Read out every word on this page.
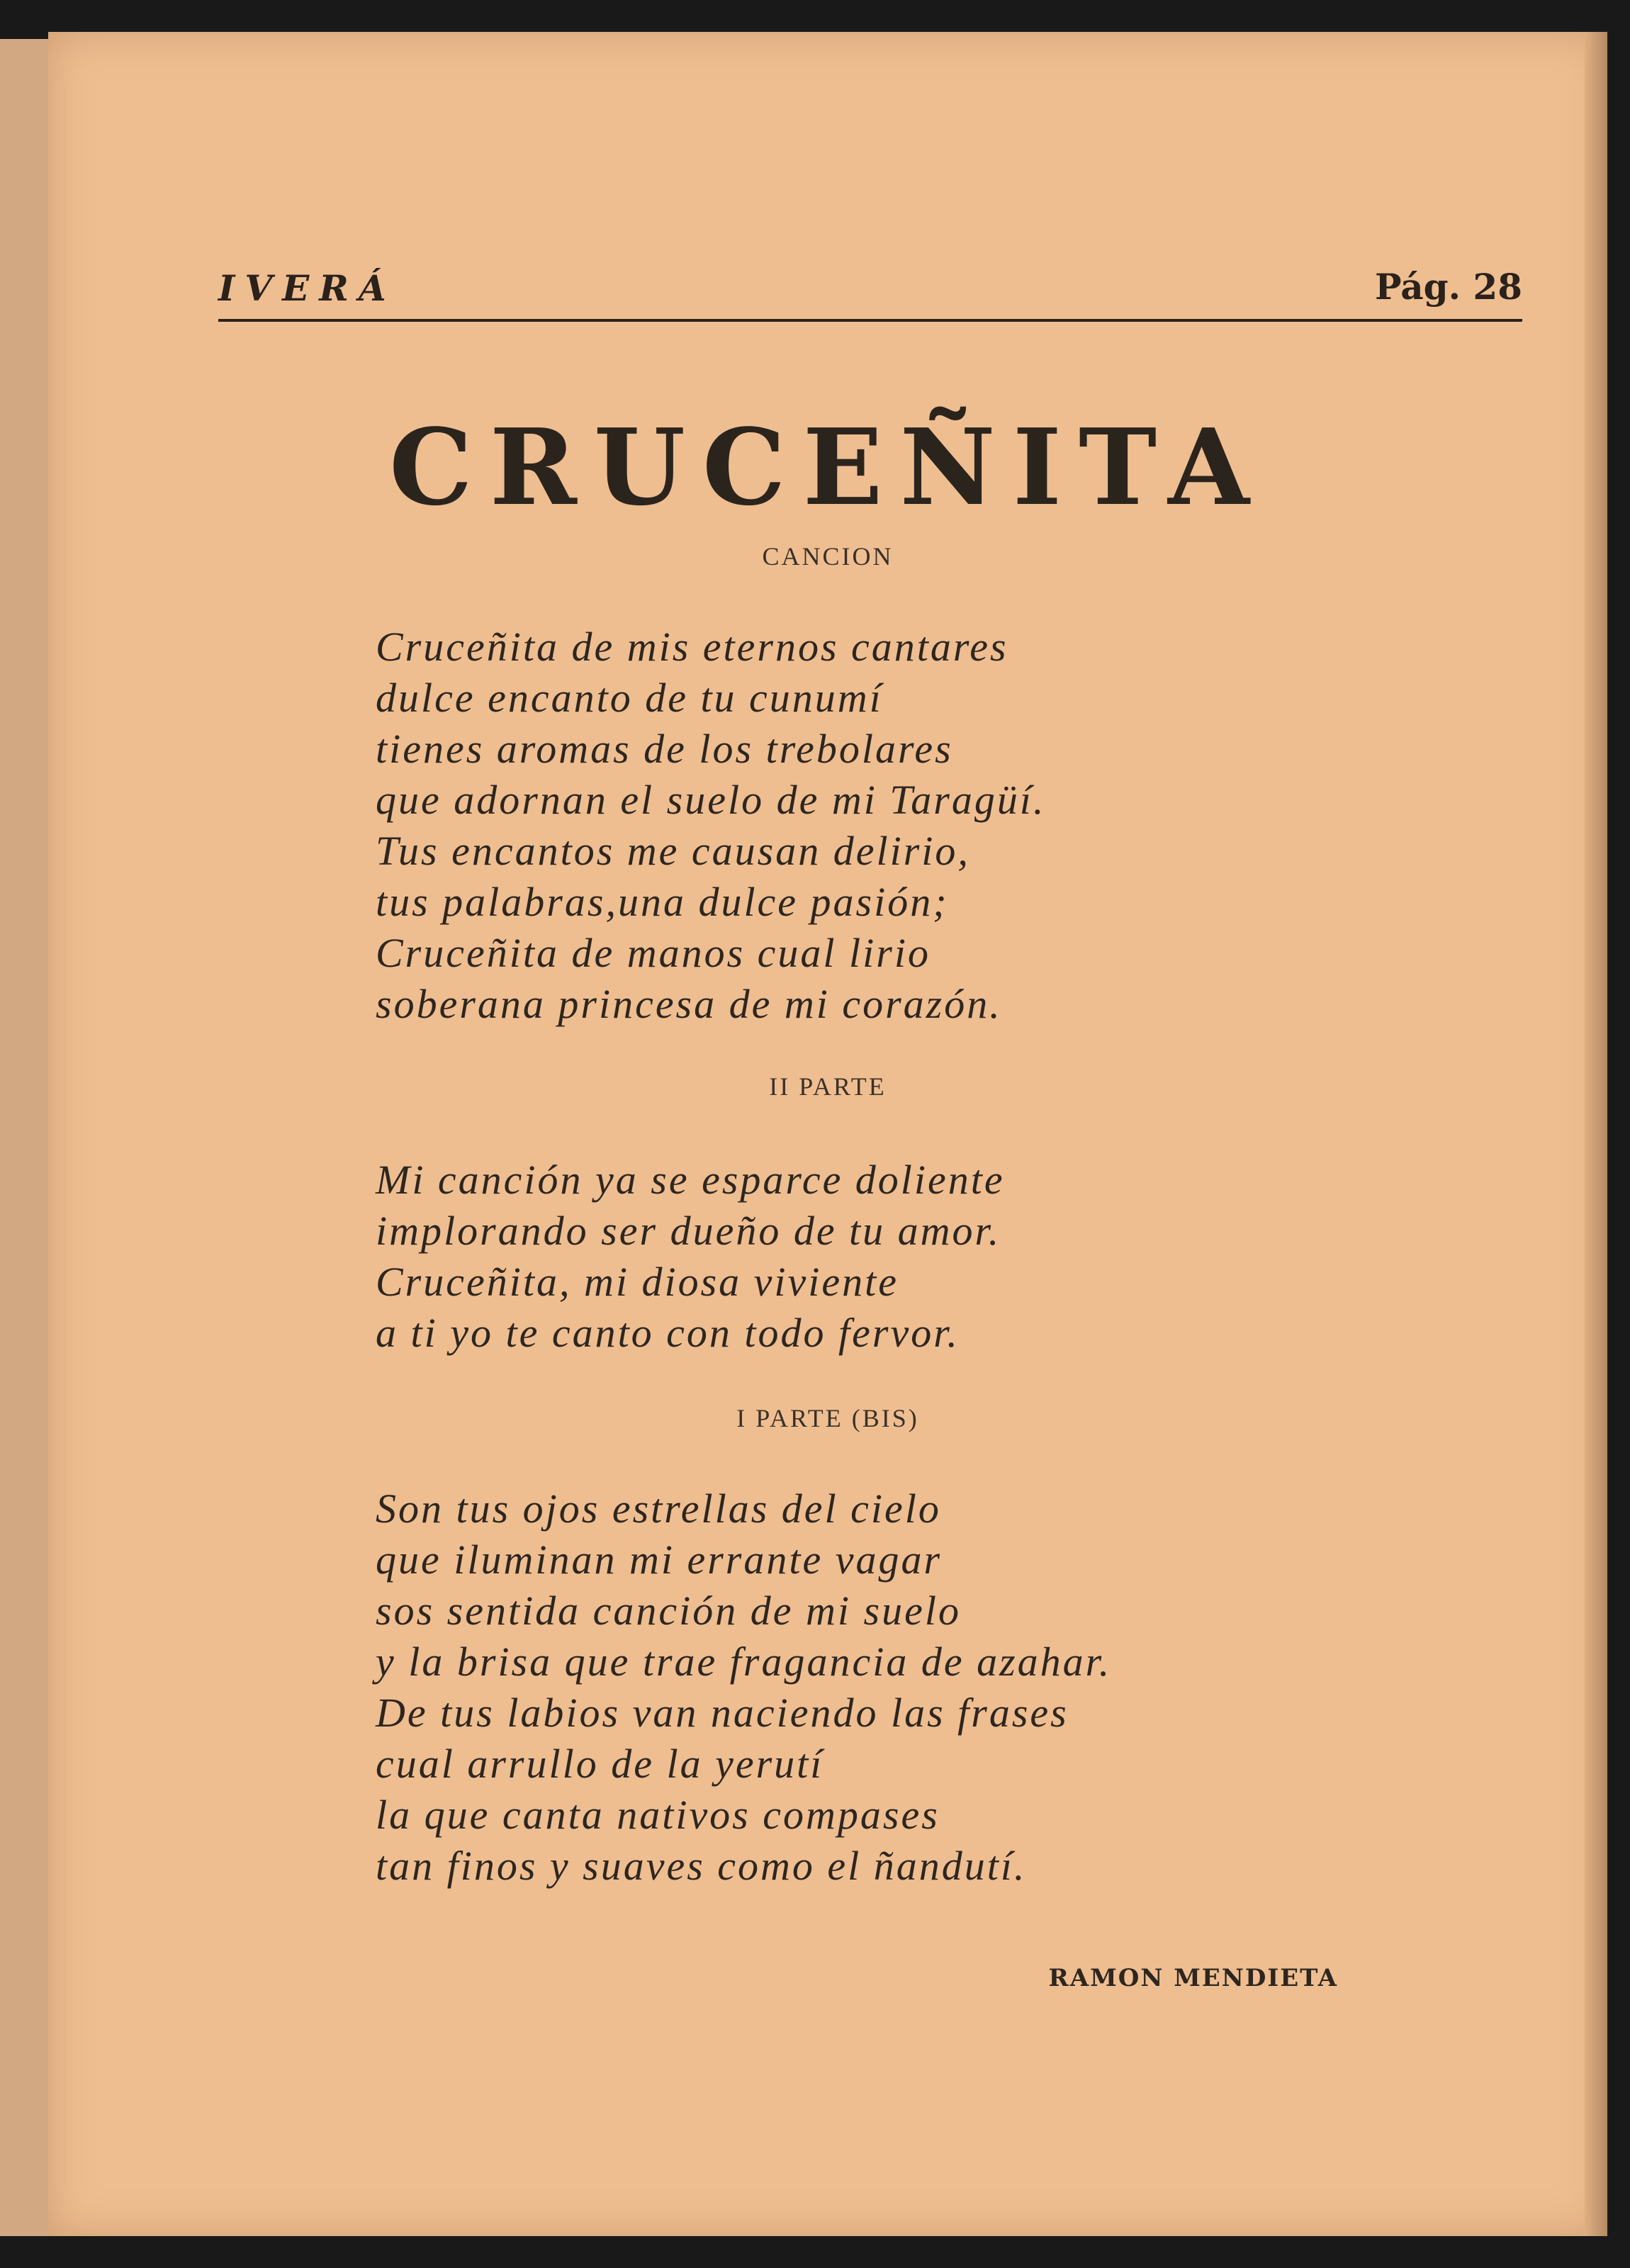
IVERÁ	Pág. 28
CRUCEÑITA
CANCION
Cruceñita de mis eternos cantares
dulce encanto de tu cunumí
tienes aromas de los trebolares
que adornan el suelo de mi Taragüí.
Tus encantos me causan delirio,
tus palabras,una dulce pasión;
Cruceñita de manos cual lirio
soberana princesa de mi corazón.
II PARTE
Mi canción ya se esparce doliente
implorando ser dueño de tu amor.
Cruceñita, mi diosa viviente
a ti yo te canto con todo fervor.
I PARTE (BIS)
Son tus ojos estrellas del cielo
que iluminan mi errante vagar
sos sentida canción de mi suelo
y la brisa que trae fragancia de azahar.
De tus labios van naciendo las frases
cual arrullo de la yerutí
la que canta nativos compases
tan finos y suaves como el ñandutí.
RAMON MENDIETA
